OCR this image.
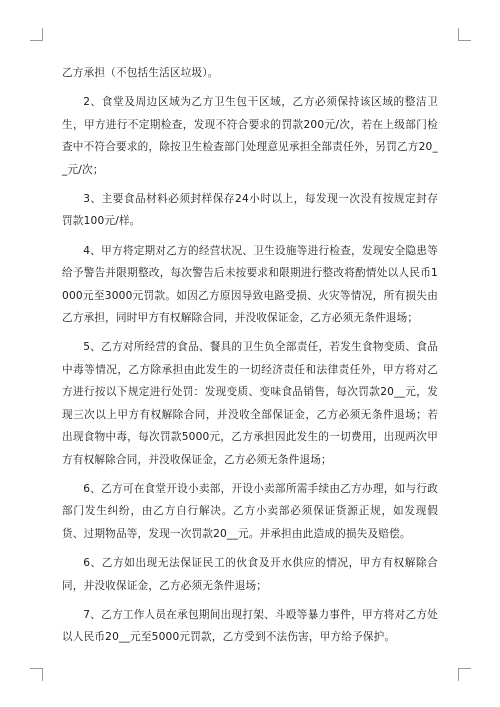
乙方承担（不包括生活区垃圾）。

2、食堂及周边区域为乙方卫生包干区域，乙方必须保持该区域的整洁卫生，甲方进行不定期检查，发现不符合要求的罚款200元/次，若在上级部门检查中不符合要求的，除按卫生检查部门处理意见承担全部责任外，另罚乙方20__元/次；

3、主要食品材料必须封样保存24小时以上，每发现一次没有按规定封存罚款100元/样。

4、甲方将定期对乙方的经营状况、卫生设施等进行检查，发现安全隐患等给予警告并限期整改，每次警告后未按要求和限期进行整改将酌情处以人民币1000元至3000元罚款。如因乙方原因导致电路受损、火灾等情况，所有损失由乙方承担，同时甲方有权解除合同，并没收保证金，乙方必须无条件退场；

5、乙方对所经营的食品、餐具的卫生负全部责任，若发生食物变质、食品中毒等情况，乙方除承担由此发生的一切经济责任和法律责任外，甲方将对乙方进行按以下规定进行处罚：发现变质、变味食品销售，每次罚款20__元，发现三次以上甲方有权解除合同，并没收全部保证金，乙方必须无条件退场；若出现食物中毒，每次罚款5000元，乙方承担因此发生的一切费用，出现两次甲方有权解除合同，并没收保证金，乙方必须无条件退场；

6、乙方可在食堂开设小卖部，开设小卖部所需手续由乙方办理，如与行政部门发生纠纷，由乙方自行解决。乙方小卖部必须保证货源正规，如发现假货、过期物品等，发现一次罚款20__元。并承担由此造成的损失及赔偿。

6、乙方如出现无法保证民工的伙食及开水供应的情况，甲方有权解除合同，并没收保证金，乙方必须无条件退场；

7、乙方工作人员在承包期间出现打架、斗殴等暴力事件，甲方将对乙方处以人民币20__元至5000元罚款，乙方受到不法伤害，甲方给予保护。
